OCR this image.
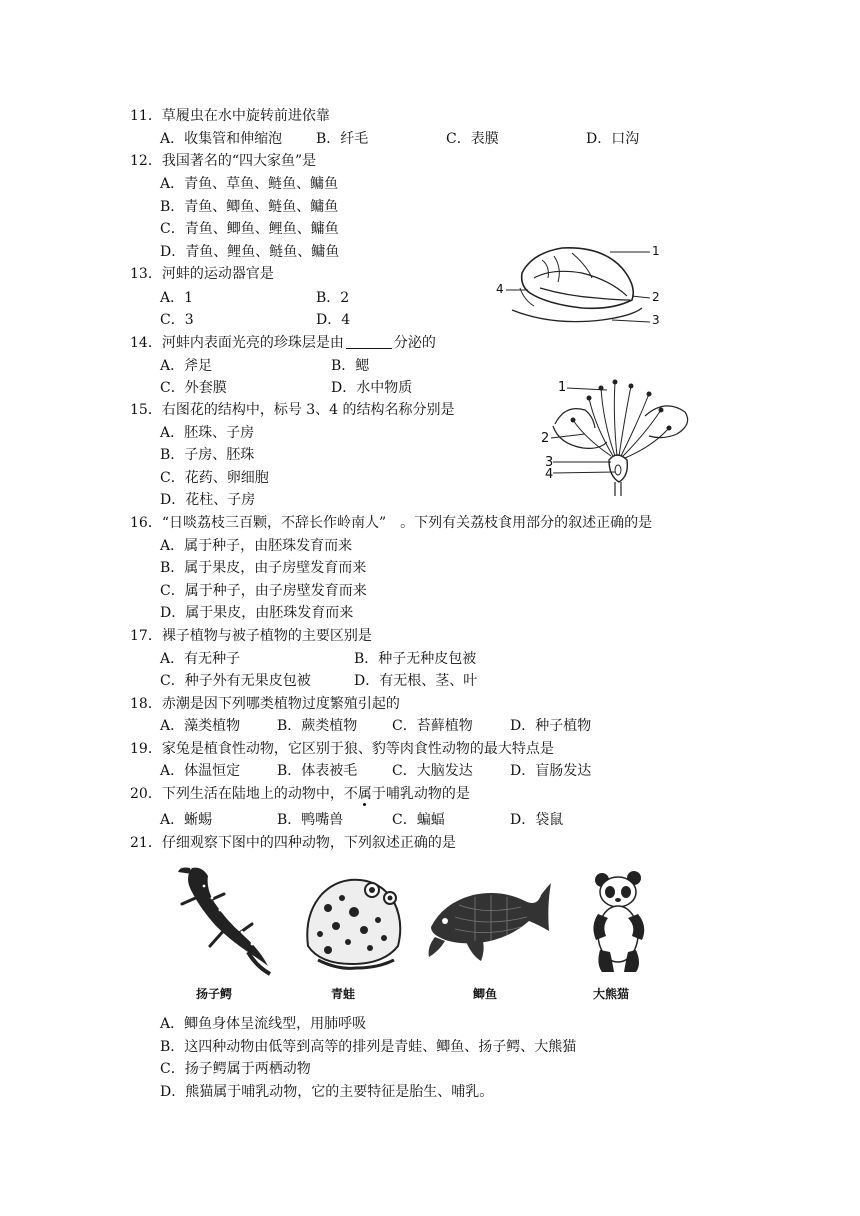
11．草履虫在水中旋转前进依靠
A．收集管和伸缩泡 B．纤毛	C．表膜	D．口沟
12．我国著名的“四大家鱼”是
A．青鱼、草鱼、鲢鱼、鳙鱼
B．青鱼、鲫鱼、鲢鱼、鳙鱼
C．青鱼、鲫鱼、鲤鱼、鳙鱼
D．青鱼、鲤鱼、鲢鱼、鳙鱼
13．河蚌的运动器官是
A．1	B．2
C．3	D．4
1
2
3
4
14．河蚌内表面光亮的珍珠层是由	分泌的
A．斧足	B．鳃
C．外套膜	D．水中物质
15．右图花的结构中，标号 3、4 的结构名称分别是
A．胚珠、子房
B．子房、胚珠
C．花药、卵细胞
D．花柱、子房
1
2
3
4
16．“日啖荔枝三百颗，不辞长作岭南人”　。下列有关荔枝食用部分的叙述正确的是
A．属于种子，由胚珠发育而来
B．属于果皮，由子房壁发育而来
C．属于种子，由子房壁发育而来
D．属于果皮，由胚珠发育而来
17．裸子植物与被子植物的主要区别是
A．有无种子	B．种子无种皮包被
C．种子外有无果皮包被	D．有无根、茎、叶
18．赤潮是因下列哪类植物过度繁殖引起的
A．藻类植物	B．蕨类植物 C．苔藓植物	D．种子植物
19．家兔是植食性动物，它区别于狼、豹等肉食性动物的最大特点是
A．体温恒定	B．体表被毛 C．大脑发达	D．盲肠发达
20．下列生活在陆地上的动物中，不属于哺乳动物的是
A．蜥蜴	B．鸭嘴兽	C．蝙蝠	D．袋鼠
21．仔细观察下图中的四种动物，下列叙述正确的是
扬子鳄	青蛙	鲫鱼	大熊猫
A．鲫鱼身体呈流线型，用肺呼吸
B．这四种动物由低等到高等的排列是青蛙、鲫鱼、扬子鳄、大熊猫
C．扬子鳄属于两栖动物
D．熊猫属于哺乳动物，它的主要特征是胎生、哺乳。
